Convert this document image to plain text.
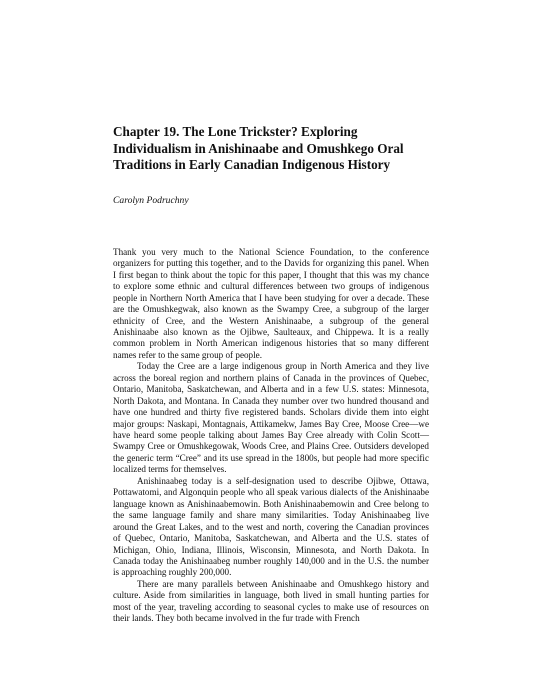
Chapter 19. The Lone Trickster? Exploring Individualism in Anishinaabe and Omushkego Oral Traditions in Early Canadian Indigenous History
Carolyn Podruchny

Thank you very much to the National Science Foundation, to the conference organizers for putting this together, and to the Davids for organizing this panel. When I first began to think about the topic for this paper, I thought that this was my chance to explore some ethnic and cultural differences between two groups of indigenous people in Northern North America that I have been studying for over a decade. These are the Omushkegwak, also known as the Swampy Cree, a subgroup of the larger ethnicity of Cree, and the Western Anishinaabe, a subgroup of the general Anishinaabe also known as the Ojibwe, Saulteaux, and Chippewa. It is a really common problem in North American indigenous histories that so many different names refer to the same group of people.

Today the Cree are a large indigenous group in North America and they live across the boreal region and northern plains of Canada in the provinces of Quebec, Ontario, Manitoba, Saskatchewan, and Alberta and in a few U.S. states: Minnesota, North Dakota, and Montana. In Canada they number over two hundred thousand and have one hundred and thirty five registered bands. Scholars divide them into eight major groups: Naskapi, Montagnais, Attikamekw, James Bay Cree, Moose Cree—we have heard some people talking about James Bay Cree already with Colin Scott—Swampy Cree or Omushkegowak, Woods Cree, and Plains Cree. Outsiders developed the generic term “Cree” and its use spread in the 1800s, but people had more specific localized terms for themselves.

Anishinaabeg today is a self-designation used to describe Ojibwe, Ottawa, Pottawatomi, and Algonquin people who all speak various dialects of the Anishinaabe language known as Anishinaabemowin. Both Anishinaabemowin and Cree belong to the same language family and share many similarities. Today Anishinaabeg live around the Great Lakes, and to the west and north, covering the Canadian provinces of Quebec, Ontario, Manitoba, Saskatchewan, and Alberta and the U.S. states of Michigan, Ohio, Indiana, Illinois, Wisconsin, Minnesota, and North Dakota. In Canada today the Anishinaabeg number roughly 140,000 and in the U.S. the number is approaching roughly 200,000.

There are many parallels between Anishinaabe and Omushkego history and culture. Aside from similarities in language, both lived in small hunting parties for most of the year, traveling according to seasonal cycles to make use of resources on their lands. They both became involved in the fur trade with French
